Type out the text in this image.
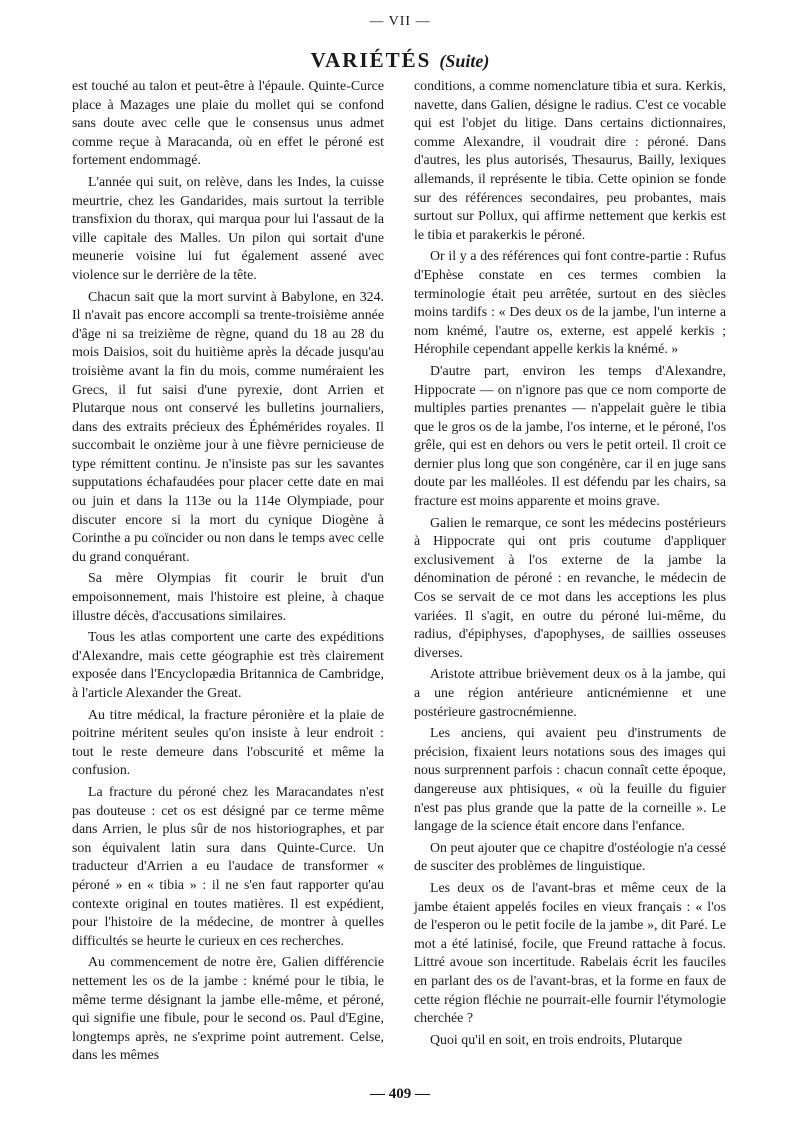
— VII —
VARIÉTÉS (Suite)

est touché au talon et peut-être à l'épaule. Quinte-Curce place à Mazages une plaie du mollet qui se confond sans doute avec celle que le consensus unus admet comme reçue à Maracanda, où en effet le péroné est fortement endommagé.

L'année qui suit, on relève, dans les Indes, la cuisse meurtrie, chez les Gandarides, mais surtout la terrible transfixion du thorax, qui marqua pour lui l'assaut de la ville capitale des Malles. Un pilon qui sortait d'une meunerie voisine lui fut également assené avec violence sur le derrière de la tête.

Chacun sait que la mort survint à Babylone, en 324. Il n'avait pas encore accompli sa trente-troisième année d'âge ni sa treizième de règne, quand du 18 au 28 du mois Daisios, soit du huitième après la décade jusqu'au troisième avant la fin du mois, comme numéraient les Grecs, il fut saisi d'une pyrexie, dont Arrien et Plutarque nous ont conservé les bulletins journaliers, dans des extraits précieux des Éphémérides royales. Il succombait le onzième jour à une fièvre pernicieuse de type rémittent continu. Je n'insiste pas sur les savantes supputations échafaudées pour placer cette date en mai ou juin et dans la 113e ou la 114e Olympiade, pour discuter encore si la mort du cynique Diogène à Corinthe a pu coïncider ou non dans le temps avec celle du grand conquérant.

Sa mère Olympias fit courir le bruit d'un empoisonnement, mais l'histoire est pleine, à chaque illustre décès, d'accusations similaires.

Tous les atlas comportent une carte des expéditions d'Alexandre, mais cette géographie est très clairement exposée dans l'Encyclopædia Britannica de Cambridge, à l'article Alexander the Great.

Au titre médical, la fracture péronière et la plaie de poitrine méritent seules qu'on insiste à leur endroit : tout le reste demeure dans l'obscurité et même la confusion.

La fracture du péroné chez les Maracandates n'est pas douteuse : cet os est désigné par ce terme même dans Arrien, le plus sûr de nos historiographes, et par son équivalent latin sura dans Quinte-Curce. Un traducteur d'Arrien a eu l'audace de transformer « péroné » en « tibia » : il ne s'en faut rapporter qu'au contexte original en toutes matières. Il est expédient, pour l'histoire de la médecine, de montrer à quelles difficultés se heurte le curieux en ces recherches.

Au commencement de notre ère, Galien différencie nettement les os de la jambe : knémé pour le tibia, le même terme désignant la jambe elle-même, et péroné, qui signifie une fibule, pour le second os. Paul d'Egine, longtemps après, ne s'exprime point autrement. Celse, dans les mêmes

conditions, a comme nomenclature tibia et sura. Kerkis, navette, dans Galien, désigne le radius. C'est ce vocable qui est l'objet du litige. Dans certains dictionnaires, comme Alexandre, il voudrait dire : péroné. Dans d'autres, les plus autorisés, Thesaurus, Bailly, lexiques allemands, il représente le tibia. Cette opinion se fonde sur des références secondaires, peu probantes, mais surtout sur Pollux, qui affirme nettement que kerkis est le tibia et parakerkis le péroné.

Or il y a des références qui font contre-partie : Rufus d'Ephèse constate en ces termes combien la terminologie était peu arrêtée, surtout en des siècles moins tardifs : « Des deux os de la jambe, l'un interne a nom knémé, l'autre os, externe, est appelé kerkis ; Hérophile cependant appelle kerkis la knémé. »

D'autre part, environ les temps d'Alexandre, Hippocrate — on n'ignore pas que ce nom comporte de multiples parties prenantes — n'appelait guère le tibia que le gros os de la jambe, l'os interne, et le péroné, l'os grêle, qui est en dehors ou vers le petit orteil. Il croit ce dernier plus long que son congénère, car il en juge sans doute par les malléoles. Il est défendu par les chairs, sa fracture est moins apparente et moins grave.

Galien le remarque, ce sont les médecins postérieurs à Hippocrate qui ont pris coutume d'appliquer exclusivement à l'os externe de la jambe la dénomination de péroné : en revanche, le médecin de Cos se servait de ce mot dans les acceptions les plus variées. Il s'agit, en outre du péroné lui-même, du radius, d'épiphyses, d'apophyses, de saillies osseuses diverses.

Aristote attribue brièvement deux os à la jambe, qui a une région antérieure anticnémienne et une postérieure gastrocnémienne.

Les anciens, qui avaient peu d'instruments de précision, fixaient leurs notations sous des images qui nous surprennent parfois : chacun connaît cette époque, dangereuse aux phtisiques, « où la feuille du figuier n'est pas plus grande que la patte de la corneille ». Le langage de la science était encore dans l'enfance.

On peut ajouter que ce chapitre d'ostéologie n'a cessé de susciter des problèmes de linguistique.

Les deux os de l'avant-bras et même ceux de la jambe étaient appelés fociles en vieux français : « l'os de l'esperon ou le petit focile de la jambe », dit Paré. Le mot a été latinisé, focile, que Freund rattache à focus. Littré avoue son incertitude. Rabelais écrit les fauciles en parlant des os de l'avant-bras, et la forme en faux de cette région fléchie ne pourrait-elle fournir l'étymologie cherchée ?

Quoi qu'il en soit, en trois endroits, Plutarque

— 409 —
